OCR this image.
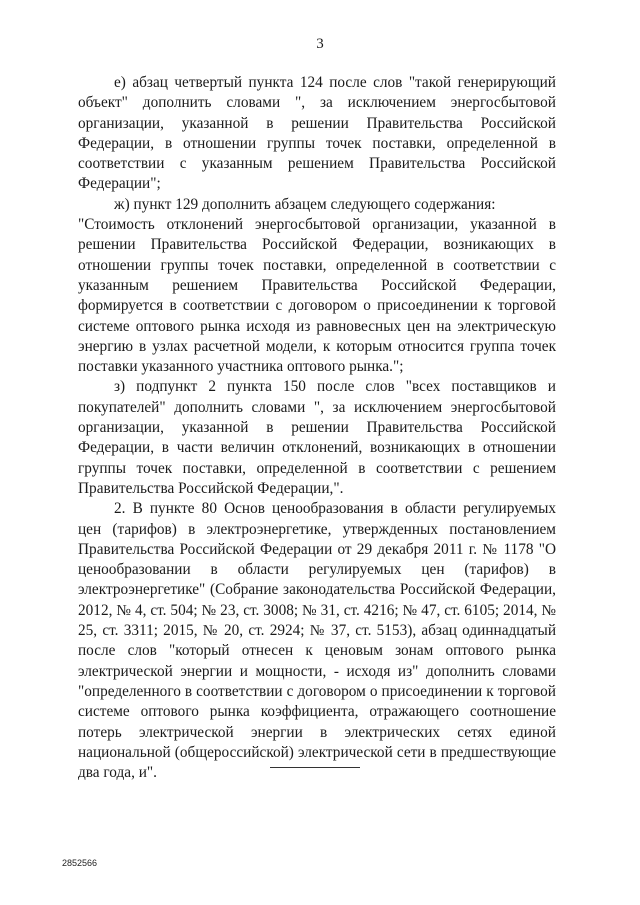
3

е) абзац четвертый пункта 124 после слов "такой генерирующий объект" дополнить словами ", за исключением энергосбытовой организации, указанной в решении Правительства Российской Федерации, в отношении группы точек поставки, определенной в соответствии с указанным решением Правительства Российской Федерации";

ж) пункт 129 дополнить абзацем следующего содержания:

"Стоимость отклонений энергосбытовой организации, указанной в решении Правительства Российской Федерации, возникающих в отношении группы точек поставки, определенной в соответствии с указанным решением Правительства Российской Федерации, формируется в соответствии с договором о присоединении к торговой системе оптового рынка исходя из равновесных цен на электрическую энергию в узлах расчетной модели, к которым относится группа точек поставки указанного участника оптового рынка.";

з) подпункт 2 пункта 150 после слов "всех поставщиков и покупателей" дополнить словами ", за исключением энергосбытовой организации, указанной в решении Правительства Российской Федерации, в части величин отклонений, возникающих в отношении группы точек поставки, определенной в соответствии с решением Правительства Российской Федерации,".

2. В пункте 80 Основ ценообразования в области регулируемых цен (тарифов) в электроэнергетике, утвержденных постановлением Правительства Российской Федерации от 29 декабря 2011 г. № 1178 "О ценообразовании в области регулируемых цен (тарифов) в электроэнергетике" (Собрание законодательства Российской Федерации, 2012, № 4, ст. 504; № 23, ст. 3008; № 31, ст. 4216; № 47, ст. 6105; 2014, № 25, ст. 3311; 2015, № 20, ст. 2924; № 37, ст. 5153), абзац одиннадцатый после слов "который отнесен к ценовым зонам оптового рынка электрической энергии и мощности, - исходя из" дополнить словами "определенного в соответствии с договором о присоединении к торговой системе оптового рынка коэффициента, отражающего соотношение потерь электрической энергии в электрических сетях единой национальной (общероссийской) электрической сети в предшествующие два года, и".

2852566
